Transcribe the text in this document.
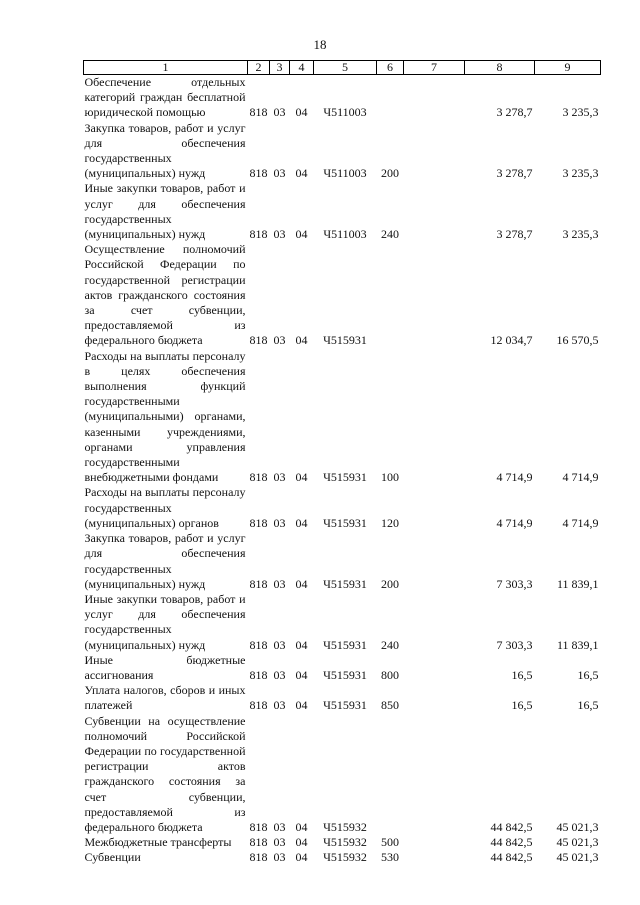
18
1	2	3	4	5	6	7	8	9
Обеспечение отдельных категорий граждан бесплатной юридической помощью	818	03	04	Ч511003			3 278,7	3 235,3
Закупка товаров, работ и услуг для обеспечения государственных (муниципальных) нужд	818	03	04	Ч511003	200		3 278,7	3 235,3
Иные закупки товаров, работ и услуг для обеспечения государственных (муниципальных) нужд	818	03	04	Ч511003	240		3 278,7	3 235,3
Осуществление полномочий Российской Федерации по государственной регистрации актов гражданского состояния за счет субвенции, предоставляемой из федерального бюджета	818	03	04	Ч515931			12 034,7	16 570,5
Расходы на выплаты персоналу в целях обеспечения выполнения функций государственными (муниципальными) органами, казенными учреждениями, органами управления государственными внебюджетными фондами	818	03	04	Ч515931	100		4 714,9	4 714,9
Расходы на выплаты персоналу государственных (муниципальных) органов	818	03	04	Ч515931	120		4 714,9	4 714,9
Закупка товаров, работ и услуг для обеспечения государственных (муниципальных) нужд	818	03	04	Ч515931	200		7 303,3	11 839,1
Иные закупки товаров, работ и услуг для обеспечения государственных (муниципальных) нужд	818	03	04	Ч515931	240		7 303,3	11 839,1
Иные бюджетные ассигнования	818	03	04	Ч515931	800		16,5	16,5
Уплата налогов, сборов и иных платежей	818	03	04	Ч515931	850		16,5	16,5
Субвенции на осуществление полномочий Российской Федерации по государственной регистрации актов гражданского состояния за счет субвенции, предоставляемой из федерального бюджета	818	03	04	Ч515932			44 842,5	45 021,3
Межбюджетные трансферты	818	03	04	Ч515932	500		44 842,5	45 021,3
Субвенции	818	03	04	Ч515932	530		44 842,5	45 021,3
